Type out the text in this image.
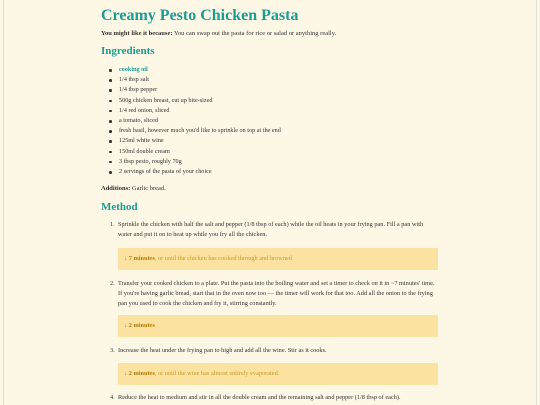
Creamy Pesto Chicken Pasta
You might like it because: You can swap out the pasta for rice or salad or anything really.
Ingredients
cooking oil
1/4 tbsp salt
1/4 tbsp pepper
500g chicken breast, cut up bite-sized
1/4 red onion, sliced
a tomato, sliced
fresh basil, however much you'd like to sprinkle on top at the end
125ml white wine
150ml double cream
3 tbsp pesto, roughly 70g
2 servings of the pasta of your choice
Additions: Garlic bread.
Method
1. Sprinkle the chicken with half the salt and pepper (1/8 tbsp of each) while the oil heats in your frying pan. Fill a pan with water and put it on to heat up while you fry all the chicken.
↓ 7 minutes, or until the chicken has cooked through and browned
2. Transfer your cooked chicken to a plate. Put the pasta into the boiling water and set a timer to check on it in ~7 minutes' time. If you're having garlic bread, start that in the oven now too — the timer will work for that too. Add all the onion to the frying pan you used to cook the chicken and fry it, stirring constantly.
↓ 2 minutes
3. Increase the heat under the frying pan to high and add all the wine. Stir as it cooks.
↓ 2 minutes, or until the wine has almost entirely evaporated.
4. Reduce the heat to medium and stir in all the double cream and the remaining salt and pepper (1/8 tbsp of each).
